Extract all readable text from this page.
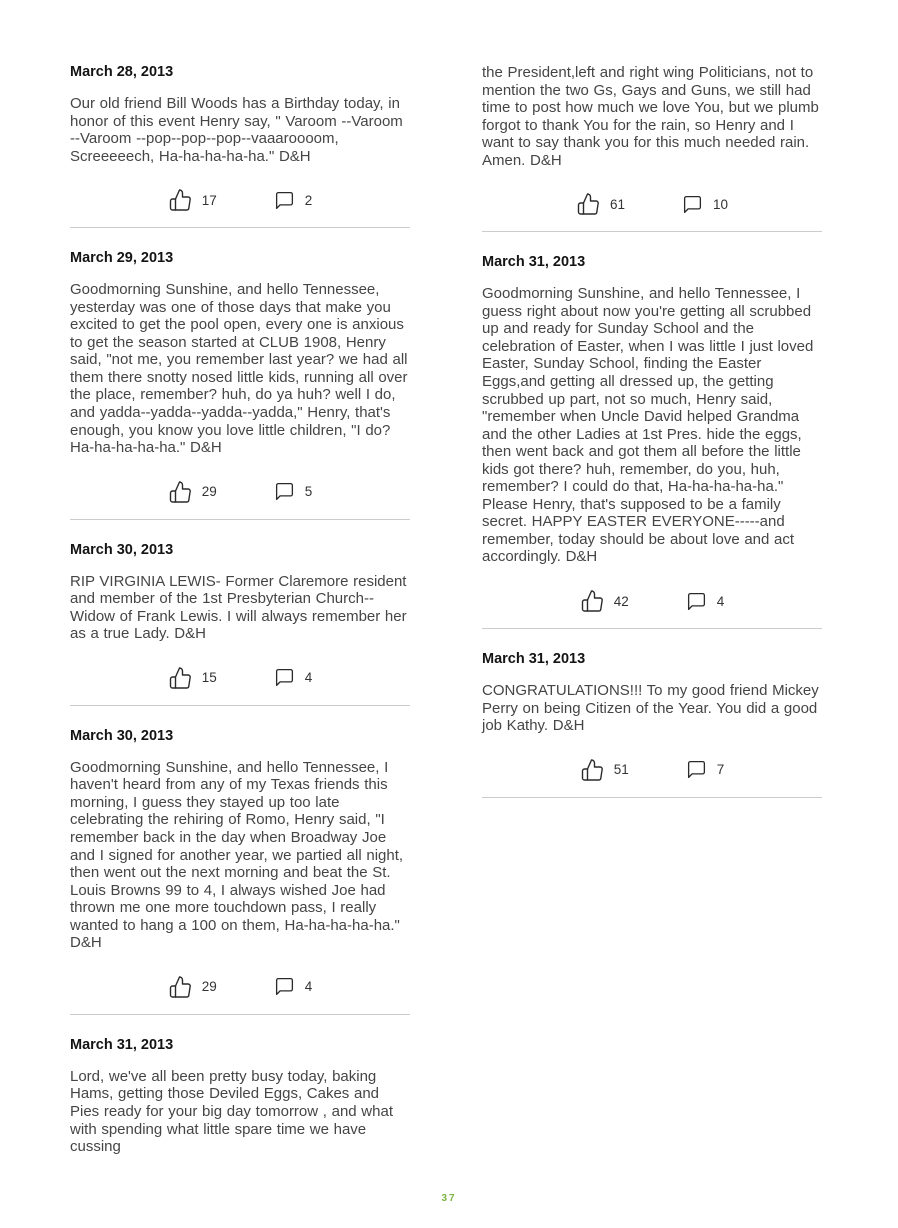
March 28, 2013

Our old friend Bill Woods has a Birthday today, in honor of this event Henry say, " Varoom --Varoom --Varoom --pop--pop--pop--vaaaroooom, Screeeeech, Ha-ha-ha-ha-ha." D&H

17	2
March 29, 2013

Goodmorning Sunshine, and hello Tennessee, yesterday was one of those days that make you excited to get the pool open, every one is anxious to get the season started at CLUB 1908, Henry said, "not me, you remember last year? we had all them there snotty nosed little kids, running all over the place, remember? huh, do ya huh? well I do, and yadda--yadda--yadda--yadda," Henry, that's enough, you know you love little children, "I do? Ha-ha-ha-ha-ha." D&H

29	5
March 30, 2013

RIP VIRGINIA LEWIS- Former Claremore resident and member of the 1st Presbyterian Church-- Widow of Frank Lewis. I will always remember her as a true Lady. D&H

15	4
March 30, 2013

Goodmorning Sunshine, and hello Tennessee, I haven't heard from any of my Texas friends this morning, I guess they stayed up too late celebrating the rehiring of Romo, Henry said, "I remember back in the day when Broadway Joe and I signed for another year, we partied all night, then went out the next morning and beat the St. Louis Browns 99 to 4, I always wished Joe had thrown me one more touchdown pass, I really wanted to hang a 100 on them, Ha-ha-ha-ha-ha." D&H

29	4
March 31, 2013

Lord, we've all been pretty busy today, baking Hams, getting those Deviled Eggs, Cakes and Pies ready for your big day tomorrow , and what with spending what little spare time we have cussing

the President,left and right wing Politicians, not to mention the two Gs, Gays and Guns, we still had time to post how much we love You, but we plumb forgot to thank You for the rain, so Henry and I want to say thank you for this much needed rain. Amen. D&H

61	10
March 31, 2013

Goodmorning Sunshine, and hello Tennessee, I guess right about now you're getting all scrubbed up and ready for Sunday School and the celebration of Easter, when I was little I just loved Easter, Sunday School, finding the Easter Eggs,and getting all dressed up, the getting scrubbed up part, not so much, Henry said, "remember when Uncle David helped Grandma and the other Ladies at 1st Pres. hide the eggs, then went back and got them all before the little kids got there? huh, remember, do you, huh, remember? I could do that, Ha-ha-ha-ha-ha." Please Henry, that's supposed to be a family secret. HAPPY EASTER EVERYONE-----and remember, today should be about love and act accordingly. D&H

42	4
March 31, 2013

CONGRATULATIONS!!! To my good friend Mickey Perry on being Citizen of the Year. You did a good job Kathy. D&H

51	7
37
